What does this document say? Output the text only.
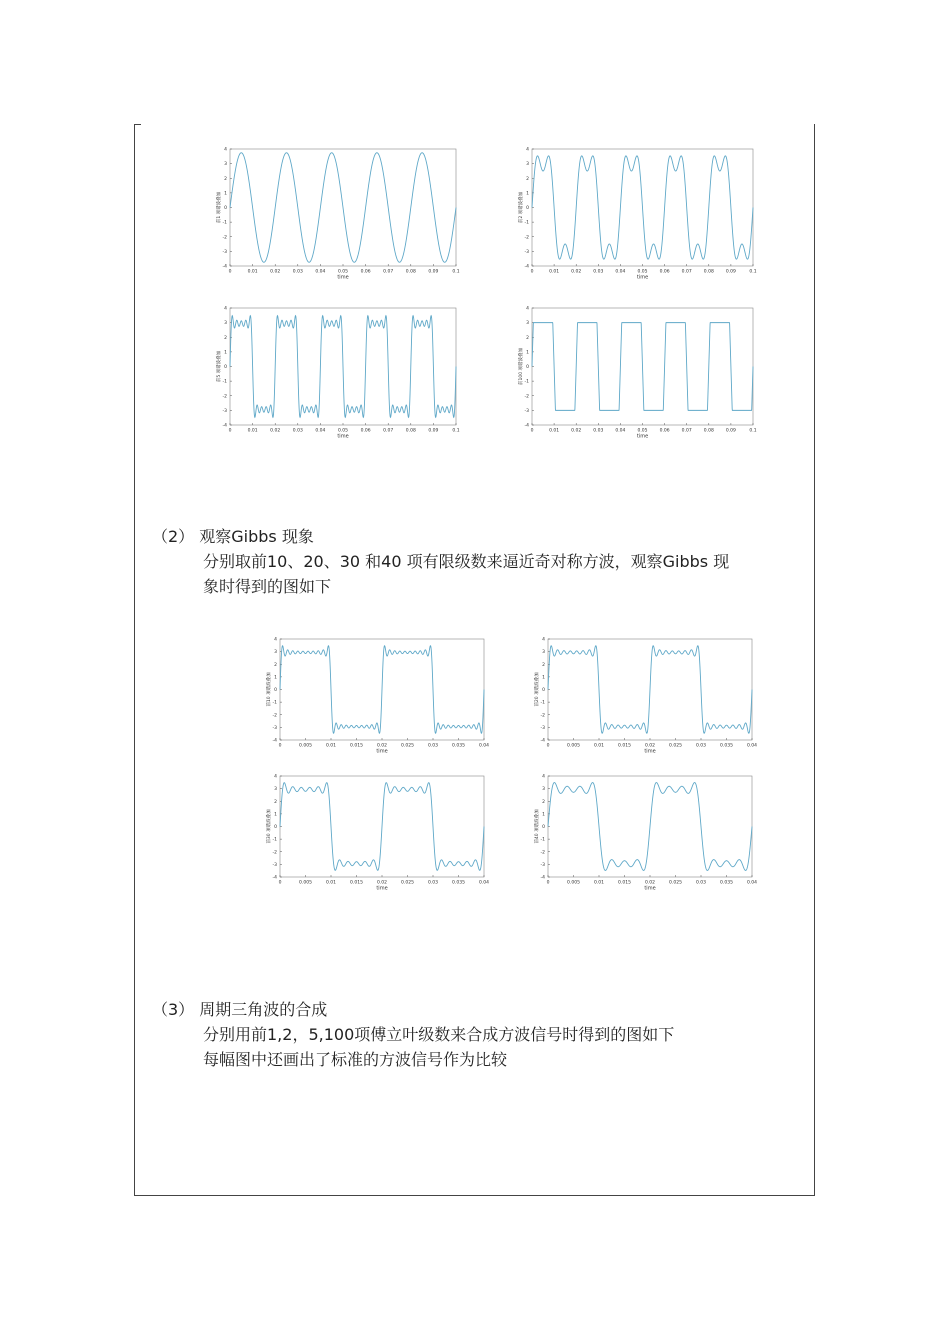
-4
-3
-2
-1
0
1
2
3
4
0	0.01	0.02	0.03	0.04	0.05	0.06	0.07	0.08	0.09	0.1
time
前1 项谐波叠加
-4
-3
-2
-1
0
1
2
3
4
0	0.01	0.02	0.03	0.04	0.05	0.06	0.07	0.08	0.09	0.1
time
前2 项谐波叠加
-4
-3
-2
-1
0
1
2
3
4
0	0.01	0.02	0.03	0.04	0.05	0.06	0.07	0.08	0.09	0.1
time
前5 项谐波叠加
-4
-3
-2
-1
0
1
2
3
4
0	0.01	0.02	0.03	0.04	0.05	0.06	0.07	0.08	0.09	0.1
time
前100 项谐波叠加
（2） 观察Gibbs 现象
分别取前10、20、30 和40 项有限级数来逼近奇对称方波，观察Gibbs 现
象时得到的图如下
-4
-3
-2
-1
0
1
2
3
4
0	0.005	0.01	0.015	0.02	0.025	0.03	0.035	0.04
time
前10 项谐波叠加
-4
-3
-2
-1
0
1
2
3
4
0	0.005	0.01	0.015	0.02	0.025	0.03	0.035	0.04
time
前20 项谐波叠加
-4
-3
-2
-1
0
1
2
3
4
0	0.005	0.01	0.015	0.02	0.025	0.03	0.035	0.04
time
前30 项谐波叠加
-4
-3
-2
-1
0
1
2
3
4
0	0.005	0.01	0.015	0.02	0.025	0.03	0.035	0.04
time
前40 项谐波叠加
（3） 周期三角波的合成
分别用前1,2，5,100项傅立叶级数来合成方波信号时得到的图如下
每幅图中还画出了标准的方波信号作为比较
